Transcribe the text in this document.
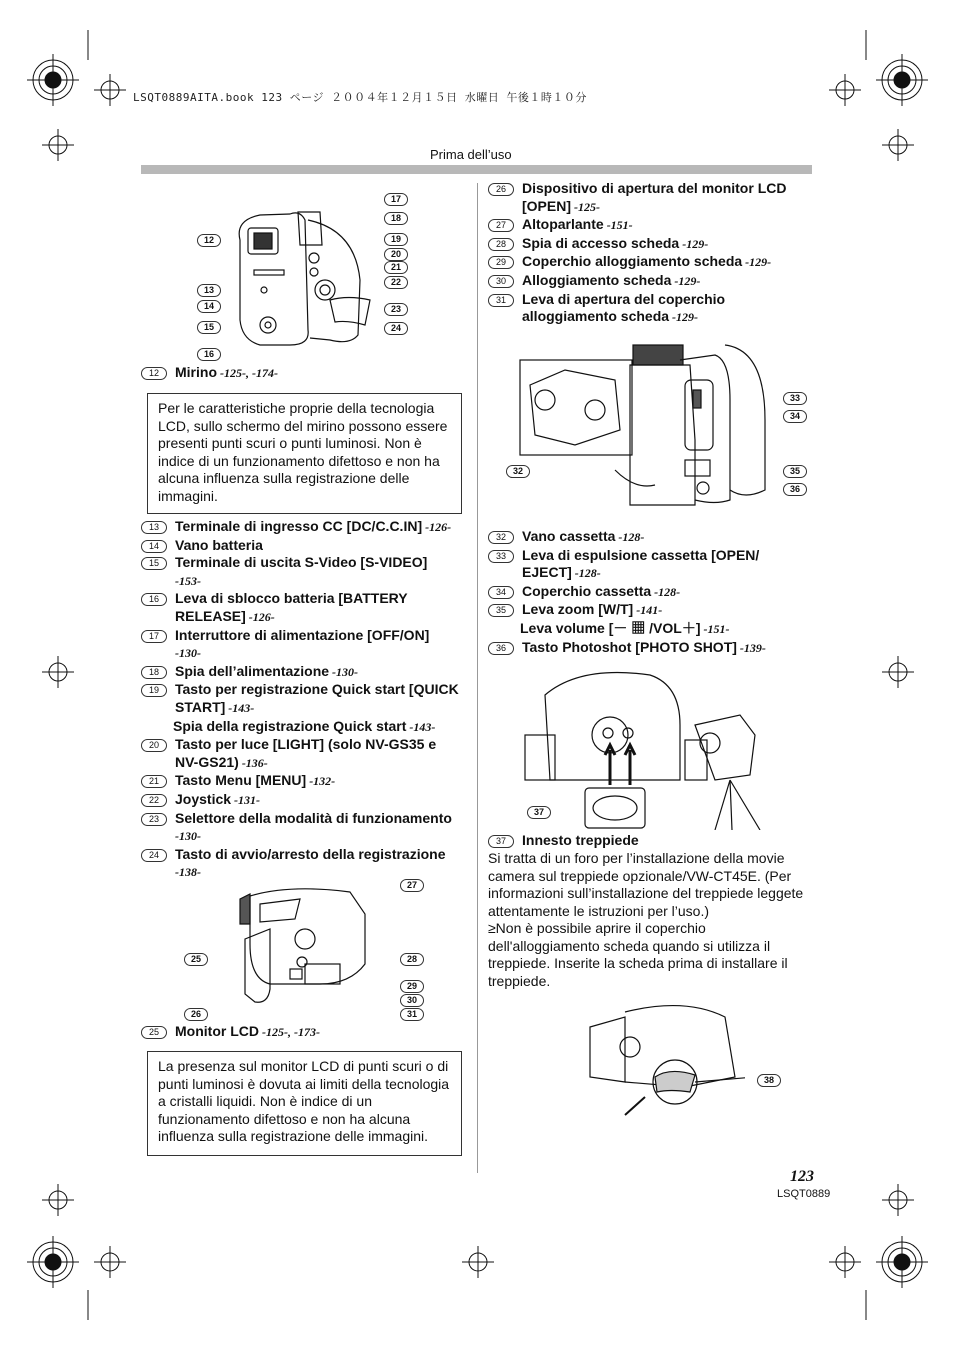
LSQT0889AITA.book 123 ページ ２００４年１２月１５日 水曜日 午後１時１０分
Prima dell’uso
17
18
12	19
20
21
22
13
14	23
15	24
16
12	Mirino -125-, -174-
Per le caratteristiche proprie della tecnologia LCD, sullo schermo del mirino possono essere presenti punti scuri o punti luminosi. Non è indice di un funzionamento difettoso e non ha alcuna influenza sulla registrazione delle immagini.
13	Terminale di ingresso CC [DC/C.C.IN] -126-
14	Vano batteria
15	Terminale di uscita S-Video [S-VIDEO]
-153-
16	Leva di sblocco batteria [BATTERY RELEASE] -126-
17	Interruttore di alimentazione [OFF/ON]
-130-
18	Spia dell’alimentazione -130-
19	Tasto per registrazione Quick start [QUICK START] -143-
Spia della registrazione Quick start -143-
20	Tasto per luce [LIGHT] (solo NV-GS35 e NV-GS21) -136-
21	Tasto Menu [MENU] -132-
22	Joystick -131-
23	Selettore della modalità di funzionamento
-130-
24	Tasto di avvio/arresto della registrazione
-138-
27
25	28
29
30
26	31
25	Monitor LCD -125-, -173-
La presenza sul monitor LCD di punti scuri o di punti luminosi è dovuta ai limiti della tecnologia a cristalli liquidi. Non è indice di un funzionamento difettoso e non ha alcuna influenza sulla registrazione delle immagini.
26	Dispositivo di apertura del monitor LCD [OPEN] -125-
27	Altoparlante -151-
28	Spia di accesso scheda -129-
29	Coperchio alloggiamento scheda -129-
30	Alloggiamento scheda -129-
31	Leva di apertura del coperchio alloggiamento scheda -129-
33
34
32	35
36
32	Vano cassetta -128-
33	Leva di espulsione cassetta [OPEN/ EJECT] -128-
34	Coperchio cassetta -128-
35	Leva zoom [W/T] -141-
Leva volume [－ ▦ /VOL＋] -151-
36	Tasto Photoshot [PHOTO SHOT] -139-
37
37	Innesto treppiede
Si tratta di un foro per l’installazione della movie camera sul treppiede opzionale/VW-CT45E. (Per informazioni sull’installazione del treppiede leggete attentamente le istruzioni per l’uso.)
≥Non è possibile aprire il coperchio dell'alloggiamento scheda quando si utilizza il treppiede. Inserite la scheda prima di installare il treppiede.
38
123
LSQT0889
